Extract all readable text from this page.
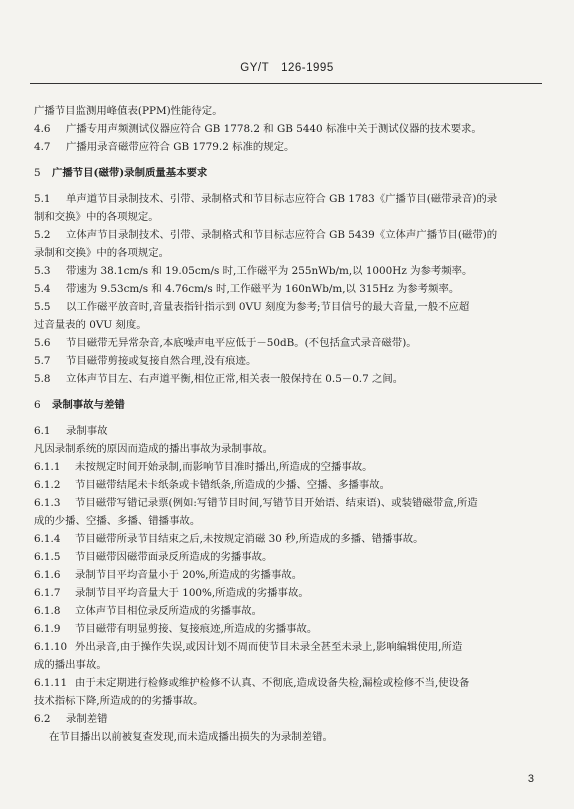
GY/T 126-1995

广播节目监测用峰值表(PPM)性能待定。

4.6 广播专用声频测试仪器应符合 GB 1778.2 和 GB 5440 标准中关于测试仪器的技术要求。

4.7 广播用录音磁带应符合 GB 1779.2 标准的规定。

5 广播节目(磁带)录制质量基本要求

5.1 单声道节目录制技术、引带、录制格式和节目标志应符合 GB 1783《广播节目(磁带录音)的录

制和交换》中的各项规定。

5.2 立体声节目录制技术、引带、录制格式和节目标志应符合 GB 5439《立体声广播节目(磁带)的

录制和交换》中的各项规定。

5.3 带速为 38.1cm/s 和 19.05cm/s 时,工作磁平为 255nWb/m,以 1000Hz 为参考频率。

5.4 带速为 9.53cm/s 和 4.76cm/s 时,工作磁平为 160nWb/m,以 315Hz 为参考频率。

5.5 以工作磁平放音时,音量表指针指示到 0VU 刻度为参考;节目信号的最大音量,一般不应超

过音量表的 0VU 刻度。

5.6 节目磁带无异常杂音,本底噪声电平应低于－50dB。(不包括盒式录音磁带)。

5.7 节目磁带剪接或复接自然合理,没有痕迹。

5.8 立体声节目左、右声道平衡,相位正常,相关表一般保持在 0.5－0.7 之间。

6 录制事故与差错

6.1 录制事故

凡因录制系统的原因而造成的播出事故为录制事故。

6.1.1 未按规定时间开始录制,而影响节目准时播出,所造成的空播事故。

6.1.2 节目磁带结尾未卡纸条或卡错纸条,所造成的少播、空播、多播事故。

6.1.3 节目磁带写错记录票(例如:写错节目时间,写错节目开始语、结束语)、或装错磁带盒,所造

成的少播、空播、多播、错播事故。

6.1.4 节目磁带所录节目结束之后,未按规定消磁 30 秒,所造成的多播、错播事故。

6.1.5 节目磁带因磁带面录反所造成的劣播事故。

6.1.6 录制节目平均音量小于 20%,所造成的劣播事故。

6.1.7 录制节目平均音量大于 100%,所造成的劣播事故。

6.1.8 立体声节目相位录反所造成的劣播事故。

6.1.9 节目磁带有明显剪接、复接痕迹,所造成的劣播事故。

6.1.10 外出录音,由于操作失误,或因计划不周而使节目未录全甚至未录上,影响编辑使用,所造

成的播出事故。

6.1.11 由于未定期进行检修或维护检修不认真、不彻底,造成设备失检,漏检或检修不当,使设备

技术指标下降,所造成的的劣播事故。

6.2 录制差错

在节目播出以前被复查发现,而未造成播出损失的为录制差错。

3
